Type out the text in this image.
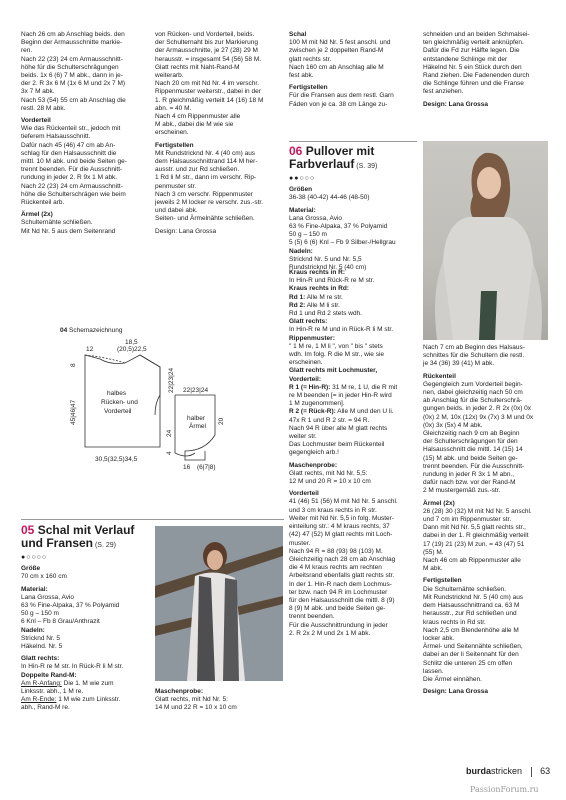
Nach 26 cm ab Anschlag beids. den
Beginn der Armausschnitte markie-
ren.
Nach 22 (23) 24 cm Armausschnitt-
höhe für die Schulterschrägungen
beids. 1x 6 (6) 7 M abk., dann in je-
der 2. R 3x 6 M (1x 6 M und 2x 7 M)
3x 7 M abk.
Nach 53 (54) 55 cm ab Anschlag die
restl. 28 M abk.

Vorderteil
Wie das Rückenteil str., jedoch mit
tieferem Halsausschnitt.
Dafür nach 45 (46) 47 cm ab An-
schlag für den Halsausschnitt die
mittl. 10 M abk. und beide Seiten ge-
trennt beenden. Für die Ausschnitt-
rundung in jeder 2. R 9x 1 M abk.
Nach 22 (23) 24 cm Armausschnitt-
höhe die Schulterschrägen wie beim
Rückenteil arb.

Ärmel (2x)
Schulternähte schließen.
Mit Nd Nr. 5 aus dem Seitenrand
von Rücken- und Vorderteil, beids.
der Schulternaht bis zur Markierung
der Armausschnitte, je 27 (28) 29 M
herausstr. = insgesamt 54 (56) 58 M.
Glatt rechts mit Naht-Rand-M
weiterarb.
Nach 20 cm mit Nd Nr. 4 im verschr.
Rippenmuster weiterstr., dabei in der
1. R gleichmäßig verteilt 14 (16) 18 M
abn. = 40 M.
Nach 4 cm Rippenmuster alle
M abk., dabei die M wie sie
erscheinen.

Fertigstellen
Mit Rundstricknd Nr. 4 (40 cm) aus
dem Halsausschnittrand 114 M her-
ausstr. und zur Rd schließen.
1 Rd li M str., dann im verschr. Rip-
penmuster str.
Nach 3 cm verschr. Rippenmuster
jeweils 2 M locker re verschr. zus.-str.
und dabei abk.
Seiten- und Ärmelnähte schließen.

Design: Lana Grossa
Schal
100 M mit Nd Nr. 5 fest anschl. und
zwischen je 2 doppelten Rand-M
glatt rechts str.
Nach 160 cm ab Anschlag alle M
fest abk.

Fertigstellen
Für die Fransen aus dem restl. Garn
Fäden von je ca. 38 cm Länge zu-
schneiden und an beiden Schmalsei-
ten gleichmäßig verteilt anknüpfen.
Dafür die Fd zur Hälfte legen. Die
entstandene Schlinge mit der
Häkelnd Nr. 5 ein Stück durch den
Rand ziehen. Die Fadenenden durch
die Schlinge führen und die Franse
fest anziehen.

Design: Lana Grossa
06 Pullover mit
Farbverlauf (S. 39)
●●○○○
Größen
36-38 (40-42) 44-46 (48-50)

Material:
Lana Grossa, Avio
63 % Fine-Alpaka, 37 % Polyamid
50 g – 150 m
5 (5) 6 (6) Knl – Fb 9 Silber-/Hellgrau
Nadeln:
Stricknd Nr. 5 und Nr. 5,5
Rundstricknd Nr. 5 (40 cm)
Kraus rechts in R:
In Hin-R und Rück-R re M str.
Kraus rechts in Rd:
Rd 1: Alle M re str.
Rd 2: Alle M li str.
Rd 1 und Rd 2 stets wdh.
Glatt rechts:
In Hin-R re M und in Rück-R li M str.
Rippenmuster:
" 1 M re, 1 M li ", von " bis " stets
wdh. Im folg. R die M str., wie sie
erscheinen.
Glatt rechts mit Lochmuster,
Vorderteil:
R 1 (= Hin-R): 31 M re, 1 U, die R mit
re M beenden [= in jeder Hin-R wird
1 M zugenommen].
R 2 (= Rück-R): Alle M und den U li.
47x R 1 und R 2 str. = 94 R.
Nach 94 R über alle M glatt rechts
weiter str.
Das Lochmuster beim Rückenteil
gegengleich arb.!
Maschenprobe:
Glatt rechts, mit Nd Nr. 5,5:
12 M und 20 R = 10 x 10 cm
Vorderteil
41 (46) 51 (56) M mit Nd Nr. 5 anschl.
und 3 cm kraus rechts in R str.
Weiter mit Nd Nr. 5,5 in folg. Muster-
einteilung str.: 4 M kraus rechts, 37
(42) 47 (52) M glatt rechts mit Loch-
muster.
Nach 94 R = 88 (93) 98 (103) M.
Gleichzeitig nach 28 cm ab Anschlag
die 4 M kraus rechts am rechten
Arbeitsrand ebenfalls glatt rechts str.
In der 1. Hin-R nach dem Lochmus-
ter bzw. nach 94 R im Lochmuster
für den Halsausschnitt die mittl. 8 (9)
8 (9) M abk. und beide Seiten ge-
trennt beenden.
Für die Ausschnittrundung in jeder
2. R 2x 2 M und 2x 1 M abk.
Nach 7 cm ab Beginn des Halsaus-
schnittes für die Schultern die restl.
je 34 (36) 39 (41) M abk.
Rückenteil
Gegengleich zum Vorderteil begin-
nen, dabei gleichzeitig nach 50 cm
ab Anschlag für die Schulterschrä-
gungen beids. in jeder 2. R 2x (0x) 0x
(0x) 2 M, 10x (12x) 9x (7x) 3 M und 0x
(0x) 3x (5x) 4 M abk.
Gleichzeitig nach 9 cm ab Beginn
der Schulterschrägungen für den
Halsausschnitt die mittl. 14 (15) 14
(15) M abk. und beide Seiten ge-
trennt beenden. Für die Ausschnitt-
rundung in jeder R 3x 1 M abn.,
dafür nach bzw. vor der Rand-M
2 M mustergemäß zus.-str.
Ärmel (2x)
26 (28) 30 (32) M mit Nd Nr. 5 anschl.
und 7 cm im Rippenmuster str.
Dann mit Nd Nr. 5,5 glatt rechts str.,
dabei in der 1. R gleichmäßig verteilt
17 (19) 21 (23) M zun. = 43 (47) 51
(55) M.
Nach 46 cm ab Rippenmuster alle
M abk.
Fertigstellen
Die Schulternähte schließen.
Mit Rundstricknd Nr. 5 (40 cm) aus
dem Halsausschnittrand ca. 63 M
herausstr., zur Rd schließen und
kraus rechts in Rd str.
Nach 2,5 cm Blendenhöhe alle M
locker abk.
Ärmel- und Seitennähte schließen,
dabei an der li Seitennaht für den
Schlitz die unteren 25 cm offen
lassen.
Die Ärmel einnähen.
Design: Lana Grossa
04 Schemazeichnung
12
18,5
(20,5)22,5
8
45|46|47
22|23|24
30,5(32,5)34,5
halbes
Rücken- und
Vorderteil
22|23|24
halber
Ärmel
24
20
4
16 (6|7|8)
05 Schal mit Verlauf
und Fransen (S. 29)
●○○○○
Größe
70 cm x 160 cm

Material:
Lana Grossa, Avio
63 % Fine-Alpaka, 37 % Polyamid
50 g – 150 m
6 Knl – Fb 8 Grau/Anthrazit
Nadeln:
Stricknd Nr. 5
Häkelnd. Nr. 5

Glatt rechts:
In Hin-R re M str. In Rück-R li M str.
Doppelte Rand-M:
Am R-Anfang: Die 1. M wie zum
Linksstr. abh., 1 M re.
Am R-Ende: 1 M wie zum Linksstr.
abh., Rand-M re.
Maschenprobe:
Glatt rechts, mit Nd Nr. 5:
14 M und 22 R = 10 x 10 cm
burdastricken 63
PassionForum.ru
